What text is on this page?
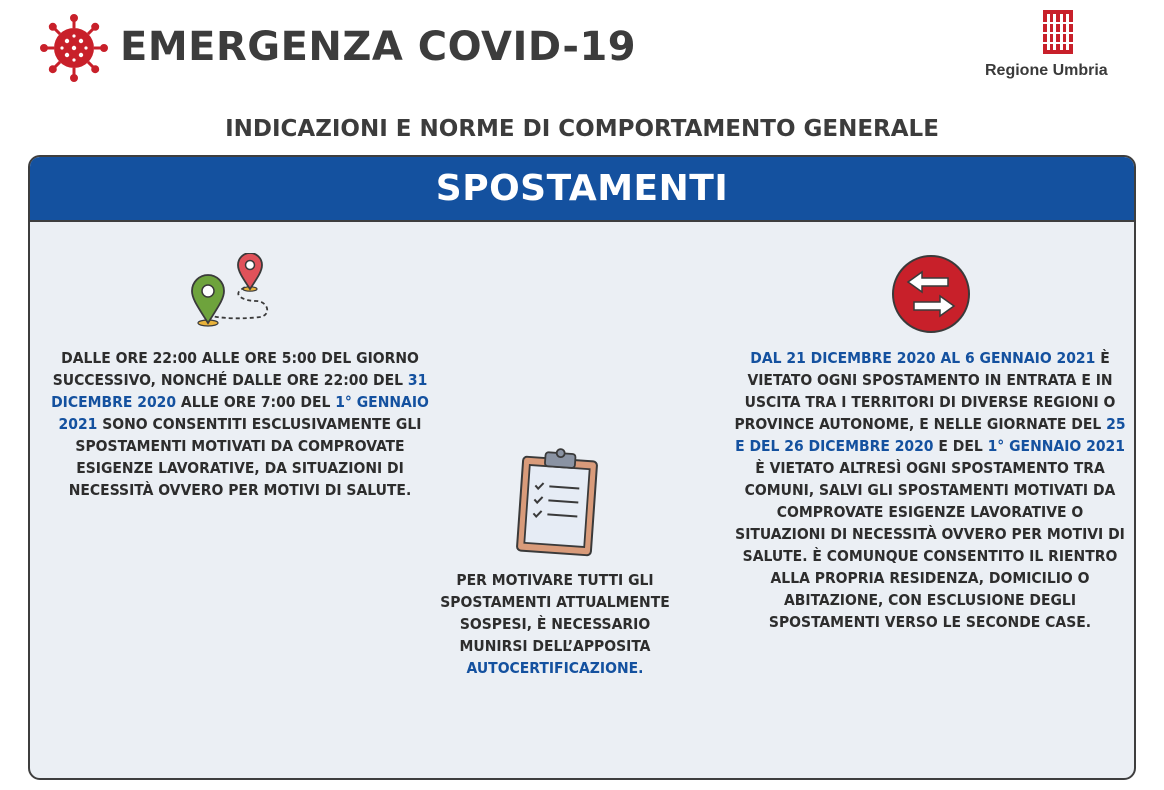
EMERGENZA COVID-19
Regione Umbria
INDICAZIONI E NORME DI COMPORTAMENTO GENERALE
SPOSTAMENTI
DALLE ORE 22:00 ALLE ORE 5:00 DEL GIORNO SUCCESSIVO, NONCHÉ DALLE ORE 22:00 DEL 31 DICEMBRE 2020 ALLE ORE 7:00 DEL 1° GENNAIO 2021 SONO CONSENTITI ESCLUSIVAMENTE GLI SPOSTAMENTI MOTIVATI DA COMPROVATE ESIGENZE LAVORATIVE, DA SITUAZIONI DI NECESSITÀ OVVERO PER MOTIVI DI SALUTE.
PER MOTIVARE TUTTI GLI SPOSTAMENTI ATTUALMENTE SOSPESI, È NECESSARIO MUNIRSI DELL’APPOSITA AUTOCERTIFICAZIONE.
DAL 21 DICEMBRE 2020 AL 6 GENNAIO 2021 È VIETATO OGNI SPOSTAMENTO IN ENTRATA E IN USCITA TRA I TERRITORI DI DIVERSE REGIONI O PROVINCE AUTONOME, E NELLE GIORNATE DEL 25 E DEL 26 DICEMBRE 2020 E DEL 1° GENNAIO 2021 È VIETATO ALTRESÌ OGNI SPOSTAMENTO TRA COMUNI, SALVI GLI SPOSTAMENTI MOTIVATI DA COMPROVATE ESIGENZE LAVORATIVE O SITUAZIONI DI NECESSITÀ OVVERO PER MOTIVI DI SALUTE. È COMUNQUE CONSENTITO IL RIENTRO ALLA PROPRIA RESIDENZA, DOMICILIO O ABITAZIONE, CON ESCLUSIONE DEGLI SPOSTAMENTI VERSO LE SECONDE CASE.
